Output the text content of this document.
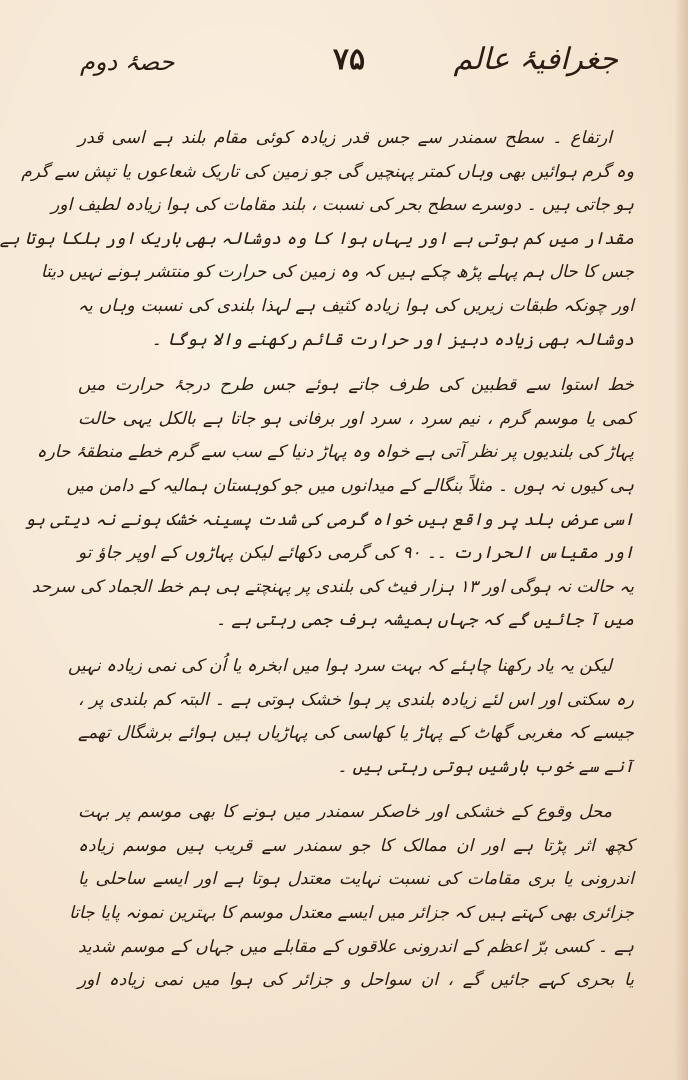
جغرافیۂ عالم
۷۵
حصۂ دوم
ارتفاع ۔ سطح سمندر سے جس قدر زیادہ کوئی مقام بلند ہے اسی قدر
وہ گرم ہوائیں بھی وہاں کمتر پہنچیں گی جو زمین کی تاریک شعاعوں یا تپش سے گرم
ہو جاتی ہیں ۔ دوسرے سطح بحر کی نسبت ، بلند مقامات کی ہوا زیادہ لطیف اور
مقدار میں کم ہوتی ہے اور یہاں ہوا کا وہ دوشالہ بھی باریک اور ہلکا ہوتا ہے
جس کا حال ہم پہلے پڑھ چکے ہیں کہ وہ زمین کی حرارت کو منتشر ہونے نہیں دیتا
اور چونکہ طبقات زیریں کی ہوا زیادہ کثیف ہے لہذا بلندی کی نسبت وہاں یہ
دوشالہ بھی زیادہ دبیز اور حرارت قائم رکھنے والا ہوگا ۔
خط استوا سے قطبین کی طرف جاتے ہوئے جس طرح درجۂ حرارت میں
کمی یا موسم گرم ، نیم سرد ، سرد اور برفانی ہو جاتا ہے بالکل یہی حالت
پہاڑ کی بلندیوں پر نظر آتی ہے خواہ وہ پہاڑ دنیا کے سب سے گرم خطے منطقۂ حارہ
ہی کیوں نہ ہوں ۔ مثلاً بنگالے کے میدانوں میں جو کوہستان ہمالیہ کے دامن میں
اسی عرض بلد پر واقع ہیں خواہ گرمی کی شدت پسینہ خشک ہونے نہ دیتی ہو
اور مقیاس الحرارت ۔۔ ۹۰ کی گرمی دکھائے لیکن پہاڑوں کے اوپر جاؤ تو
یہ حالت نہ ہوگی اور ۱۳ ہزار فیٹ کی بلندی پر پہنچتے ہی ہم خط الجماد کی سرحد
میں آ جائیں گے کہ جہاں ہمیشہ برف جمی رہتی ہے ۔
لیکن یہ یاد رکھنا چاہئے کہ بہت سرد ہوا میں ابخرہ یا اُن کی نمی زیادہ نہیں
رہ سکتی اور اس لئے زیادہ بلندی پر ہوا خشک ہوتی ہے ۔ البتہ کم بلندی پر ،
جیسے کہ مغربی گھاٹ کے پہاڑ یا کھاسی کی پہاڑیاں ہیں ہوائے برشگال تھمے
آنے سے خوب بارشیں ہوتی رہتی ہیں ۔
محل وقوع کے خشکی اور خاصکر سمندر میں ہونے کا بھی موسم پر بہت
کچھ اثر پڑتا ہے اور ان ممالک کا جو سمندر سے قریب ہیں موسم زیادہ
اندرونی یا بری مقامات کی نسبت نہایت معتدل ہوتا ہے اور ایسے ساحلی یا
جزائری بھی کہتے ہیں کہ جزائر میں ایسے معتدل موسم کا بہترین نمونہ پایا جاتا
ہے ۔ کسی برّ اعظم کے اندرونی علاقوں کے مقابلے میں جہاں کے موسم شدید
یا بحری کہے جائیں گے ، ان سواحل و جزائر کی ہوا میں نمی زیادہ اور
